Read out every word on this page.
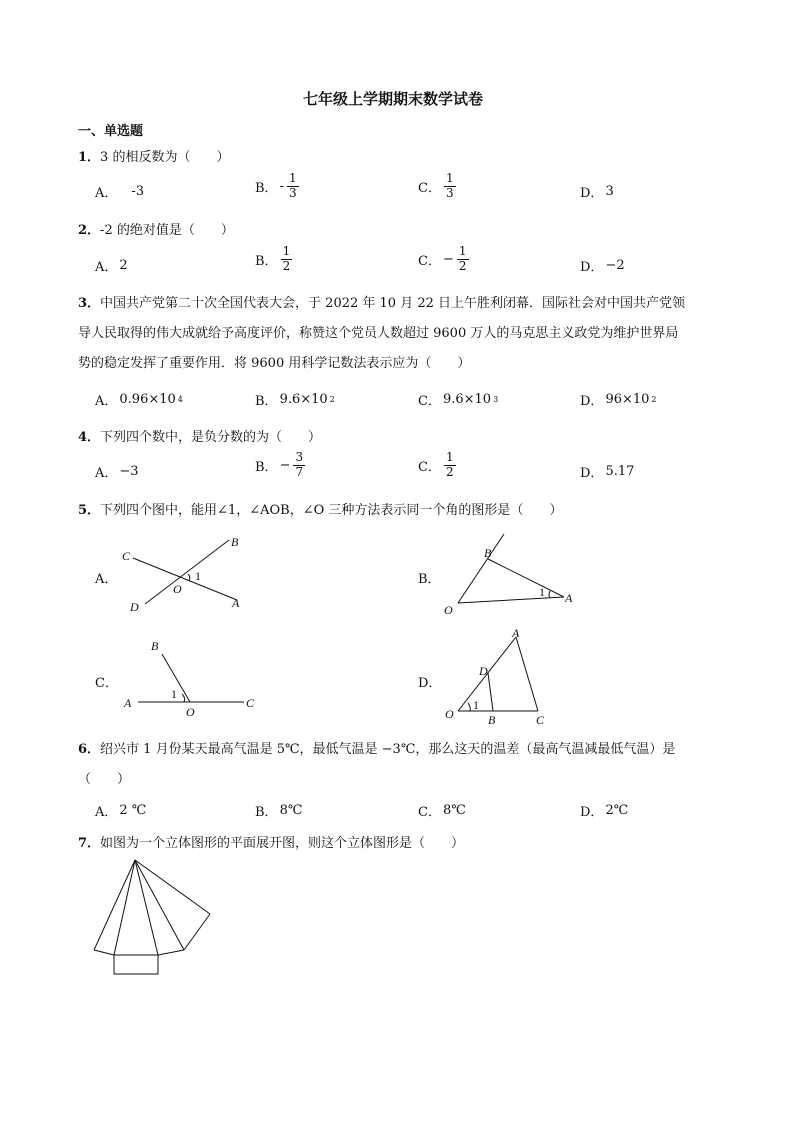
七年级上学期期末数学试卷
一、单选题
1．3 的相反数为（　　）
A． -3	B． - $\frac{1}{3}$	C． $\frac{1}{3}$	D． 3
2．-2 的绝对值是（　　）
A． 2	B． $\frac{1}{2}$	C． − $\frac{1}{2}$	D． −2
3．中国共产党第二十次全国代表大会，于 2022 年 10 月 22 日上午胜利闭幕．国际社会对中国共产党领
导人民取得的伟大成就给予高度评价，称赞这个党员人数超过 9600 万人的马克思主义政党为维护世界局
势的稳定发挥了重要作用．将 9600 用科学记数法表示应为（　　）
A． 0.96×10 4	B． 9.6×10 2	C． 9.6×10 3	D． 96×10 2
4．下列四个数中，是负分数的为（　　）
A． −3	B． − $\frac{3}{7}$	C． $\frac{1}{2}$	D． 5.17
5．下列四个图中，能用∠1，∠AOB，∠O 三种方法表示同一个角的图形是（　　）
A．	B．
C．	D．
C
B
D	A
O
1
B
O
A
1
B
A	C
O
1
A
D
O	B	C
1
6．绍兴市 1 月份某天最高气温是 5℃，最低气温是 −3℃，那么这天的温差（最高气温减最低气温）是
（　　）
A． 2 ℃	B． 8℃	C． 8℃	D． 2℃
7．如图为一个立体图形的平面展开图，则这个立体图形是（　　）
